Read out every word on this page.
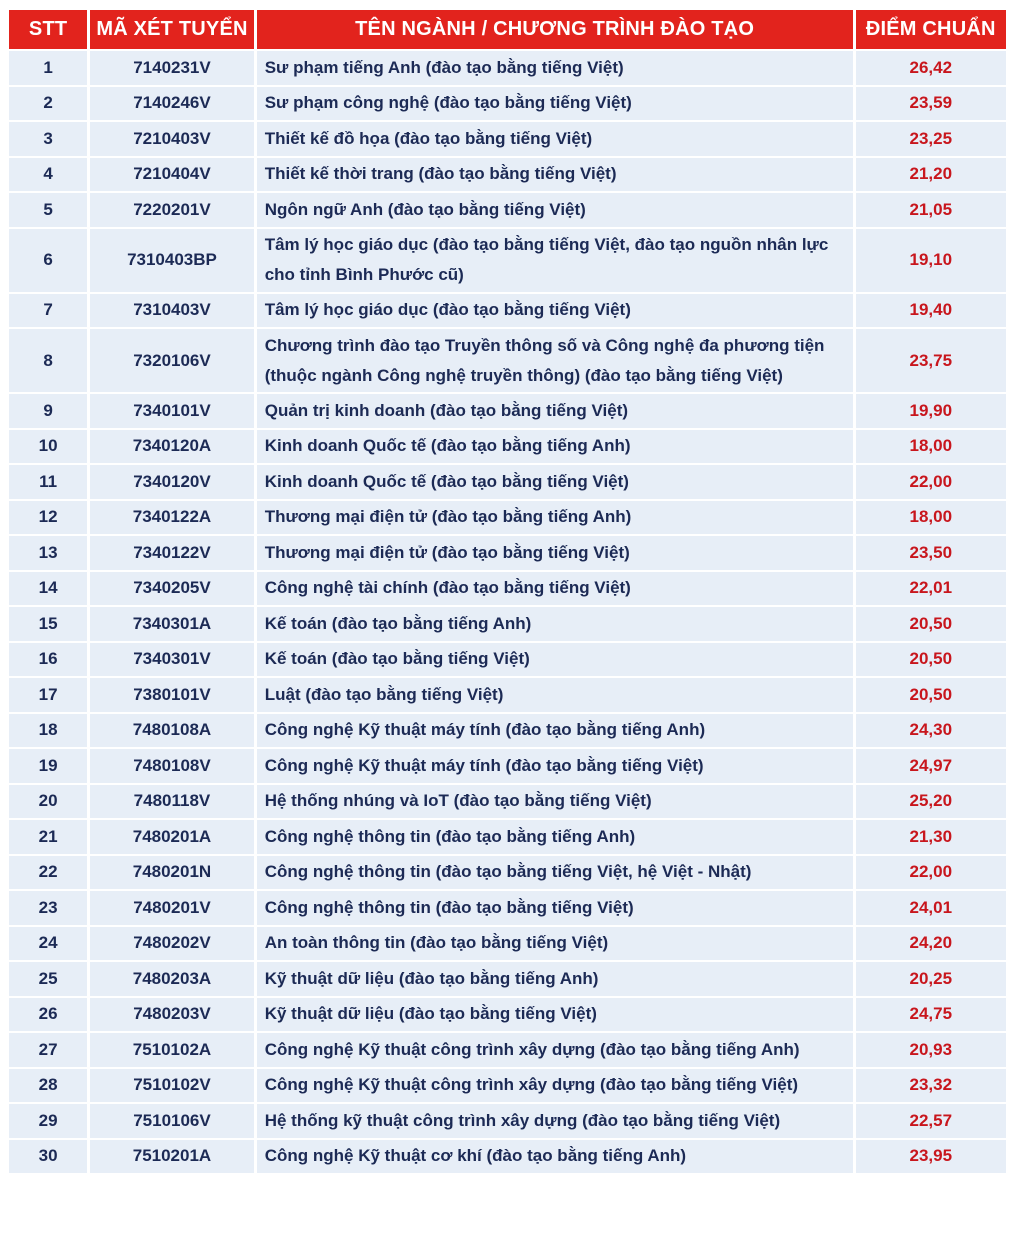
STT	MÃ XÉT TUYỂN	TÊN NGÀNH / CHƯƠNG TRÌNH ĐÀO TẠO	ĐIỂM CHUẨN
1	7140231V	Sư phạm tiếng Anh (đào tạo bằng tiếng Việt)	26,42
2	7140246V	Sư phạm công nghệ (đào tạo bằng tiếng Việt)	23,59
3	7210403V	Thiết kế đồ họa (đào tạo bằng tiếng Việt)	23,25
4	7210404V	Thiết kế thời trang (đào tạo bằng tiếng Việt)	21,20
5	7220201V	Ngôn ngữ Anh (đào tạo bằng tiếng Việt)	21,05
6	7310403BP	Tâm lý học giáo dục (đào tạo bằng tiếng Việt, đào tạo nguồn nhân lực cho tỉnh Bình Phước cũ)	19,10
7	7310403V	Tâm lý học giáo dục (đào tạo bằng tiếng Việt)	19,40
8	7320106V	Chương trình đào tạo Truyền thông số và Công nghệ đa phương tiện (thuộc ngành Công nghệ truyền thông) (đào tạo bằng tiếng Việt)	23,75
9	7340101V	Quản trị kinh doanh (đào tạo bằng tiếng Việt)	19,90
10	7340120A	Kinh doanh Quốc tế (đào tạo bằng tiếng Anh)	18,00
11	7340120V	Kinh doanh Quốc tế (đào tạo bằng tiếng Việt)	22,00
12	7340122A	Thương mại điện tử (đào tạo bằng tiếng Anh)	18,00
13	7340122V	Thương mại điện tử (đào tạo bằng tiếng Việt)	23,50
14	7340205V	Công nghệ tài chính (đào tạo bằng tiếng Việt)	22,01
15	7340301A	Kế toán (đào tạo bằng tiếng Anh)	20,50
16	7340301V	Kế toán (đào tạo bằng tiếng Việt)	20,50
17	7380101V	Luật (đào tạo bằng tiếng Việt)	20,50
18	7480108A	Công nghệ Kỹ thuật máy tính (đào tạo bằng tiếng Anh)	24,30
19	7480108V	Công nghệ Kỹ thuật máy tính (đào tạo bằng tiếng Việt)	24,97
20	7480118V	Hệ thống nhúng và IoT (đào tạo bằng tiếng Việt)	25,20
21	7480201A	Công nghệ thông tin (đào tạo bằng tiếng Anh)	21,30
22	7480201N	Công nghệ thông tin (đào tạo bằng tiếng Việt, hệ Việt - Nhật)	22,00
23	7480201V	Công nghệ thông tin (đào tạo bằng tiếng Việt)	24,01
24	7480202V	An toàn thông tin (đào tạo bằng tiếng Việt)	24,20
25	7480203A	Kỹ thuật dữ liệu (đào tạo bằng tiếng Anh)	20,25
26	7480203V	Kỹ thuật dữ liệu (đào tạo bằng tiếng Việt)	24,75
27	7510102A	Công nghệ Kỹ thuật công trình xây dựng (đào tạo bằng tiếng Anh)	20,93
28	7510102V	Công nghệ Kỹ thuật công trình xây dựng (đào tạo bằng tiếng Việt)	23,32
29	7510106V	Hệ thống kỹ thuật công trình xây dựng (đào tạo bằng tiếng Việt)	22,57
30	7510201A	Công nghệ Kỹ thuật cơ khí (đào tạo bằng tiếng Anh)	23,95
